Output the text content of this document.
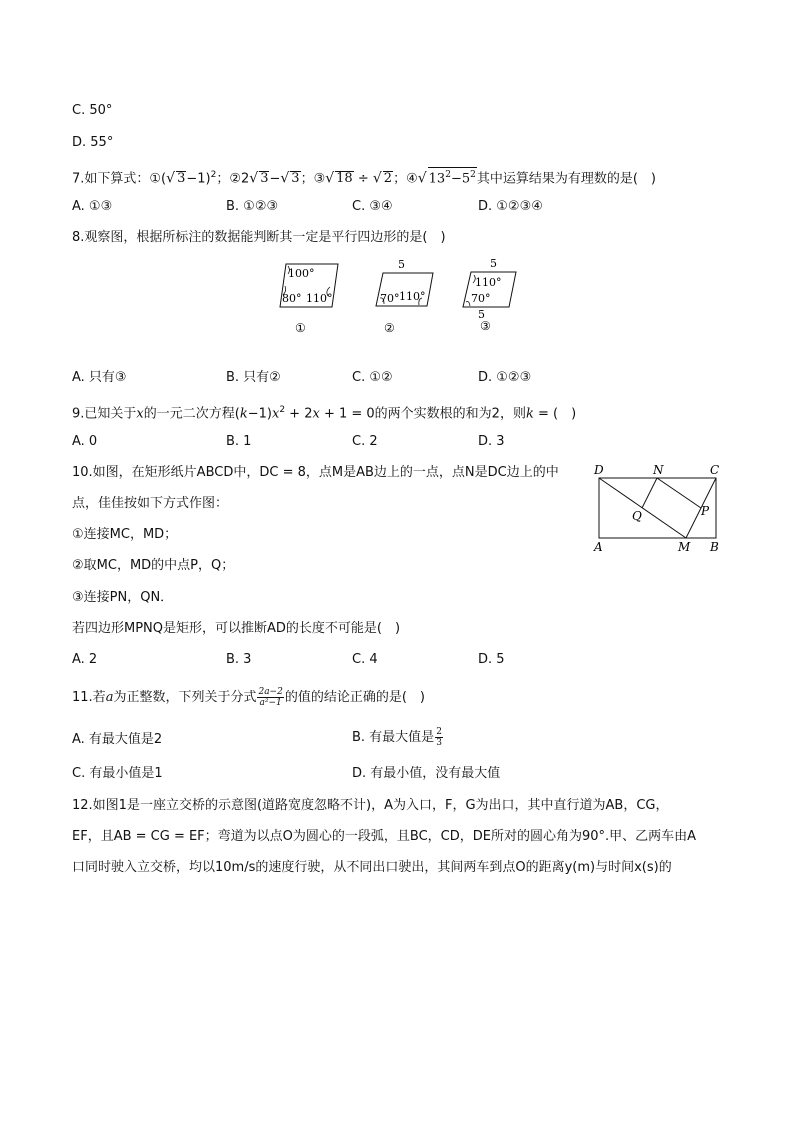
C. 50°
D. 55°
7.如下算式：①(√ 3−1)$^2$；②2√ 3−√ 3；③√ 18 ÷ √ 2；④√ $13^2-5^2$其中运算结果为有理数的是(　)
A. ①③	B. ①②③	C. ③④	D. ①②③④
8.观察图，根据所标注的数据能判断其一定是平行四边形的是(　)
100°
80° 110°
①
5
70° 110°
②
5
110°
70°
5
③
A. 只有③	B. 只有②	C. ①②	D. ①②③
9.已知关于x的一元二次方程$(k-1)x^2 + 2x + 1 = 0$的两个实数根的和为2，则k = (　)
A. 0	B. 1	C. 2	D. 3
10.如图，在矩形纸片ABCD中，DC = 8，点M是AB边上的一点，点N是DC边上的中
点，佳佳按如下方式作图：
①连接MC，MD；
②取MC，MD的中点P，Q；
③连接PN，QN．
若四边形MPNQ是矩形，可以推断AD的长度不可能是(　)
D	N	C
Q	P
A	M B
A. 2	B. 3	C. 4	D. 5
11.若a为正整数，下列关于分式 $\frac{2a-2}{\text{a²−1}}$ 的值的结论正确的是(　)
A. 有最大值是2	B. 有最大值是 $\frac{2}{3}$
C. 有最小值是1	D. 有最小值，没有最大值
12.如图1是一座立交桥的示意图(道路宽度忽略不计)，A为入口，F，G为出口，其中直行道为AB，CG，
EF，且AB = CG = EF；弯道为以点O为圆心的一段弧，且BC，CD，DE所对的圆心角为90°.甲、乙两车由A
口同时驶入立交桥，均以10m/s的速度行驶，从不同出口驶出，其间两车到点O的距离y(m)与时间x(s)的
